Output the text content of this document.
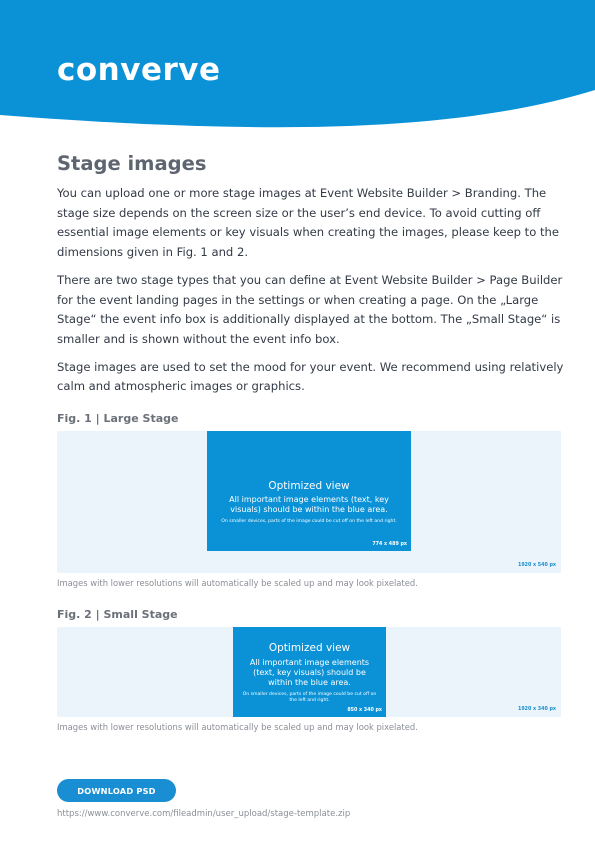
converve
Stage images

You can upload one or more stage images at Event Website Builder > Branding. The stage size depends on the screen size or the user’s end device. To avoid cutting off essential image elements or key visuals when creating the images, please keep to the dimensions given in Fig. 1 and 2.

There are two stage types that you can define at Event Website Builder > Page Builder for the event landing pages in the settings or when creating a page. On the „Large Stage“ the event info box is additionally displayed at the bottom. The „Small Stage“ is smaller and is shown without the event info box.

Stage images are used to set the mood for your event. We recommend using relatively calm and atmospheric images or graphics.

Fig. 1 | Large Stage
Optimized view
All important image elements (text, key visuals) should be within the blue area.
On smaller devices, parts of the image could be cut off on the left and right.
774 x 489 px
1920 x 540 px
Images with lower resolutions will automatically be scaled up and may look pixelated.
Fig. 2 | Small Stage
Optimized view
All important image elements (text, key visuals) should be within the blue area.
On smaller devices, parts of the image could be cut off on the left and right.
850 x 340 px	1920 x 340 px
Images with lower resolutions will automatically be scaled up and may look pixelated.
DOWNLOAD PSD
https://www.converve.com/fileadmin/user_upload/stage-template.zip
